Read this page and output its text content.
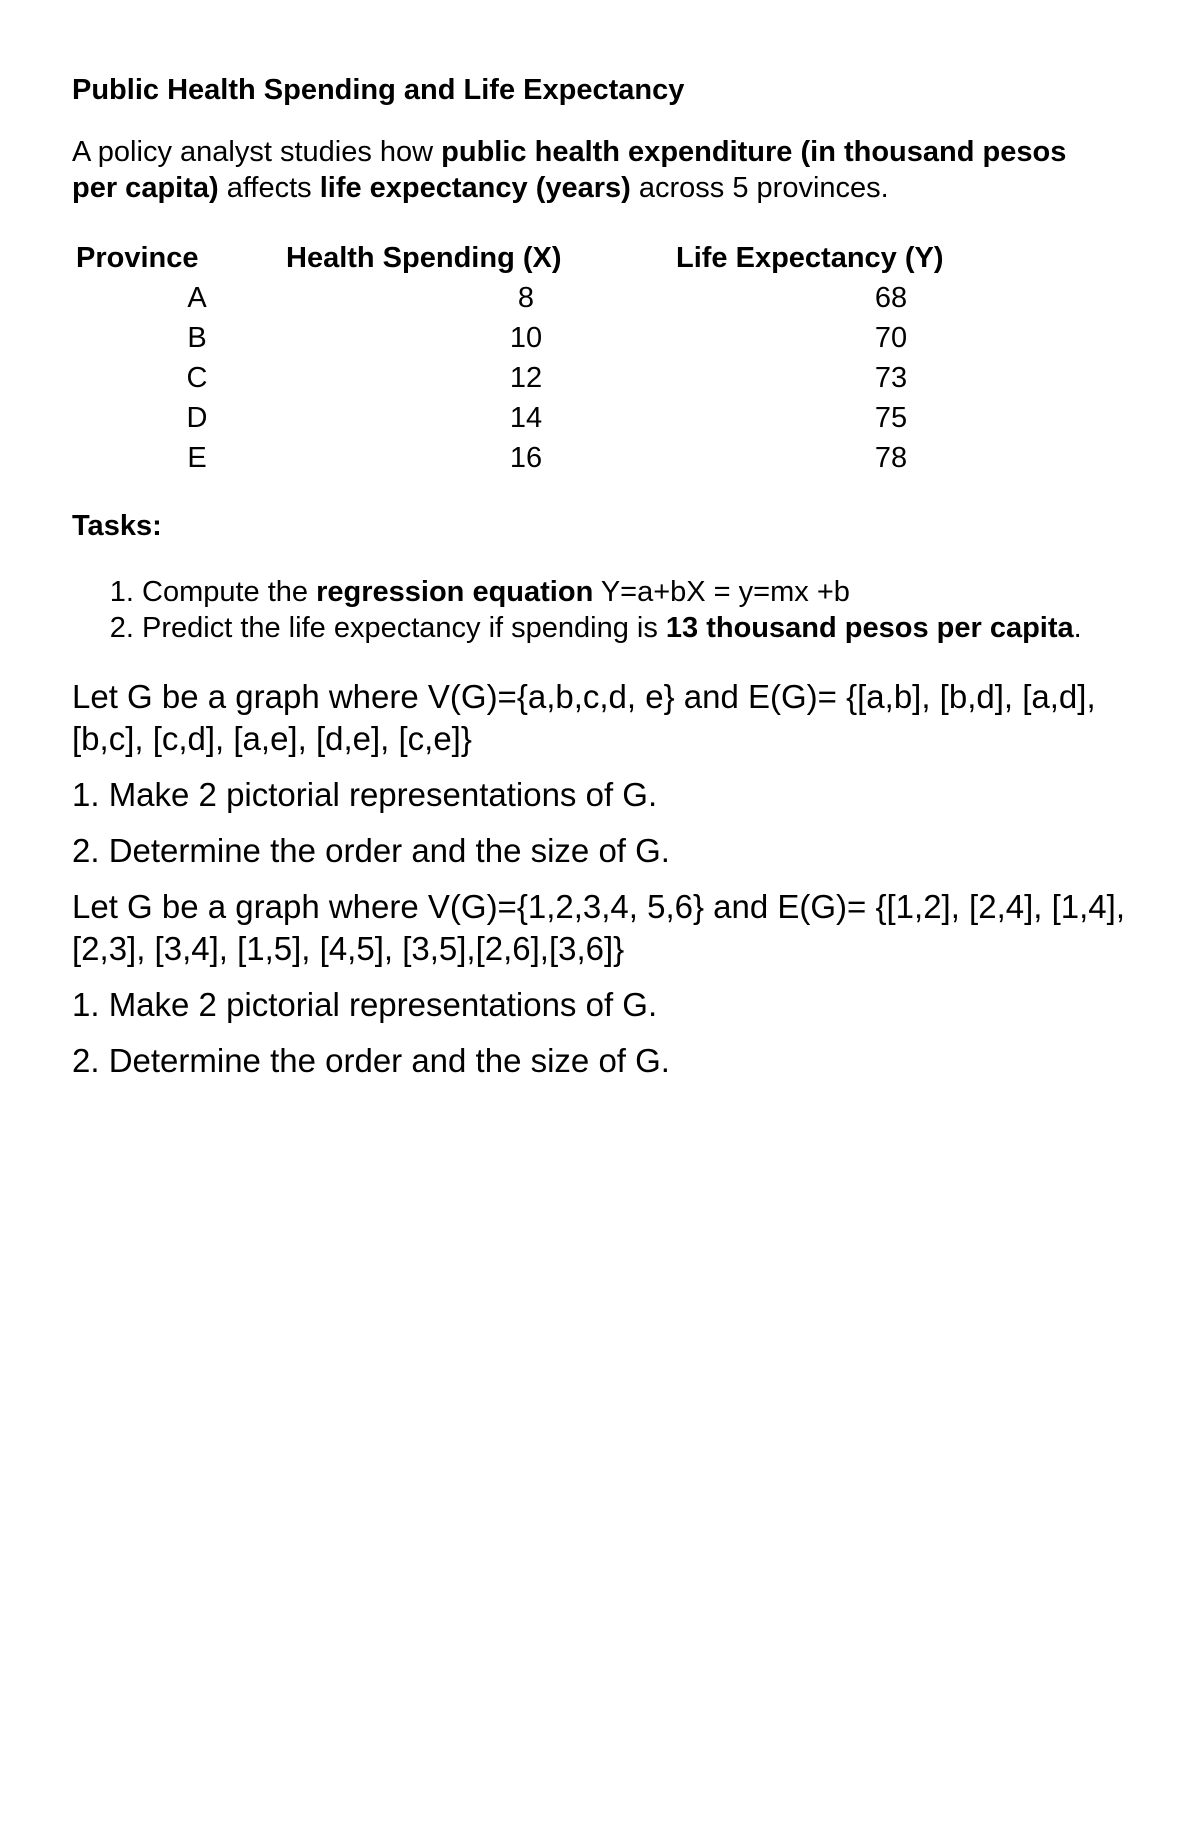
Public Health Spending and Life Expectancy

A policy analyst studies how public health expenditure (in thousand pesos per capita) affects life expectancy (years) across 5 provinces.

Province	Health Spending (X)	Life Expectancy (Y)
A	8	68
B	10	70
C	12	73
D	14	75
E	16	78
Tasks:
1. Compute the regression equation Y=a+bX = y=mx +b
2. Predict the life expectancy if spending is 13 thousand pesos per capita.

Let G be a graph where V(G)={a,b,c,d, e} and E(G)= {[a,b], [b,d], [a,d], [b,c], [c,d], [a,e], [d,e], [c,e]}

1. Make 2 pictorial representations of G.

2. Determine the order and the size of G.

Let G be a graph where V(G)={1,2,3,4, 5,6} and E(G)= {[1,2], [2,4], [1,4], [2,3], [3,4], [1,5], [4,5], [3,5],[2,6],[3,6]}

1. Make 2 pictorial representations of G.

2. Determine the order and the size of G.
